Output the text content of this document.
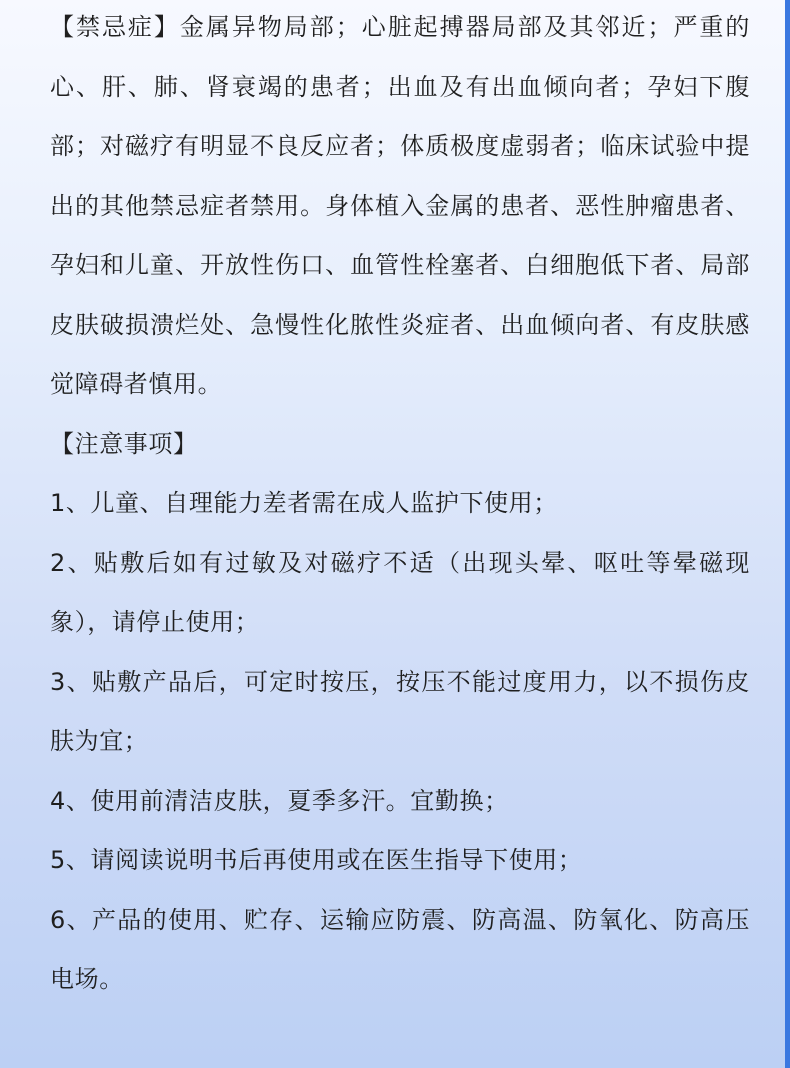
【禁忌症】金属异物局部；心脏起搏器局部及其邻近；严重的心、肝、肺、肾衰竭的患者；出血及有出血倾向者；孕妇下腹部；对磁疗有明显不良反应者；体质极度虚弱者；临床试验中提出的其他禁忌症者禁用。身体植入金属的患者、恶性肿瘤患者、孕妇和儿童、开放性伤口、血管性栓塞者、白细胞低下者、局部皮肤破损溃烂处、急慢性化脓性炎症者、出血倾向者、有皮肤感觉障碍者慎用。

【注意事项】

1、儿童、自理能力差者需在成人监护下使用；
2、贴敷后如有过敏及对磁疗不适（出现头晕、呕吐等晕磁现象），请停止使用；
3、贴敷产品后，可定时按压，按压不能过度用力，以不损伤皮肤为宜；
4、使用前清洁皮肤，夏季多汗。宜勤换；
5、请阅读说明书后再使用或在医生指导下使用；
6、产品的使用、贮存、运输应防震、防高温、防氧化、防高压电场。
